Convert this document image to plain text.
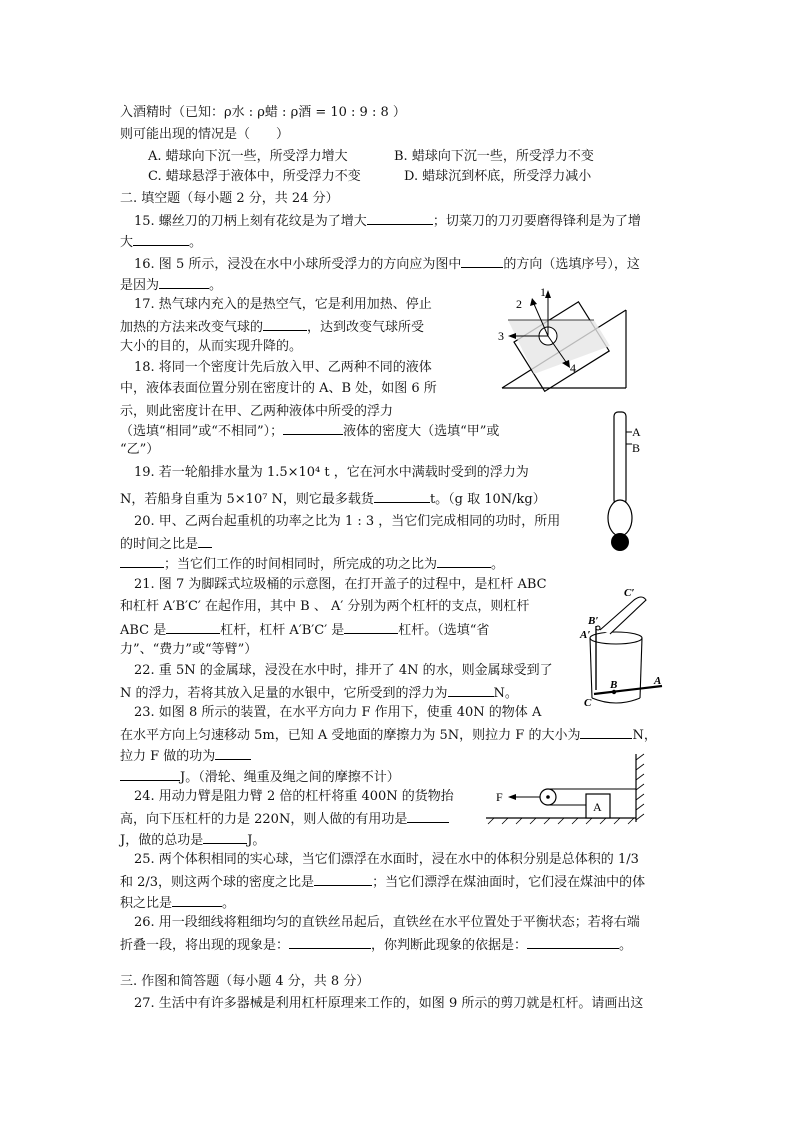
入酒精时（已知：ρ水 : ρ蜡 : ρ酒 = 10 : 9 : 8 ）
则可能出现的情况是（　　）
A. 蜡球向下沉一些，所受浮力增大	B. 蜡球向下沉一些，所受浮力不变
C. 蜡球悬浮于液体中，所受浮力不变	D. 蜡球沉到杯底，所受浮力减小
二. 填空题（每小题 2 分，共 24 分）
15. 螺丝刀的刀柄上刻有花纹是为了增大	；切菜刀的刀刃要磨得锋利是为了增
大	。
16. 图 5 所示，浸没在水中小球所受浮力的方向应为图中	的方向（选填序号），这
是因为	。
17. 热气球内充入的是热空气，它是利用加热、停止
加热的方法来改变气球的	，达到改变气球所受
大小的目的，从而实现升降的。
18. 将同一个密度计先后放入甲、乙两种不同的液体
中，液体表面位置分别在密度计的 A、B 处，如图 6 所
示，则此密度计在甲、乙两种液体中所受的浮力
（选填“相同”或“不相同”）；	液体的密度大（选填“甲”或
“乙”）
19. 若一轮船排水量为 1.5×10⁴ t ，它在河水中满载时受到的浮力为
N，若船身自重为 5×10⁷ N，则它最多载货	t。（g 取 10N/kg）
20. 甲、乙两台起重机的功率之比为 1 : 3 ，当它们完成相同的功时，所用
的时间之比是
；当它们工作的时间相同时，所完成的功之比为	。
21. 图 7 为脚踩式垃圾桶的示意图，在打开盖子的过程中，是杠杆 ABC
和杠杆 A′B′C′ 在起作用，其中 B 、 A′ 分别为两个杠杆的支点，则杠杆
ABC 是	杠杆，杠杆 A′B′C′ 是	杠杆。（选填“省
力”、“费力”或“等臂”）
22. 重 5N 的金属球，浸没在水中时，排开了 4N 的水，则金属球受到了
N 的浮力，若将其放入足量的水银中，它所受到的浮力为	N。
23. 如图 8 所示的装置，在水平方向力 F 作用下，使重 40N 的物体 A
在水平方向上匀速移动 5m，已知 A 受地面的摩擦力为 5N，则拉力 F 的大小为	N，
拉力 F 做的功为
J。（滑轮、绳重及绳之间的摩擦不计）
24. 用动力臂是阻力臂 2 倍的杠杆将重 400N 的货物抬
高，向下压杠杆的力是 220N，则人做的有用功是
J，做的总功是	J。
25. 两个体积相同的实心球，当它们漂浮在水面时，浸在水中的体积分别是总体积的 1/3
和 2/3，则这两个球的密度之比是	；当它们漂浮在煤油面时，它们浸在煤油中的体
积之比是	。
26. 用一段细线将粗细均匀的直铁丝吊起后，直铁丝在水平位置处于平衡状态；若将右端
折叠一段，将出现的现象是：	，你判断此现象的依据是：	。
三. 作图和简答题（每小题 4 分，共 8 分）
27. 生活中有许多器械是利用杠杆原理来工作的，如图 9 所示的剪刀就是杠杆。请画出这
1
2
3
4
A
B
C′
B′
A′
B	A
C
F
A
